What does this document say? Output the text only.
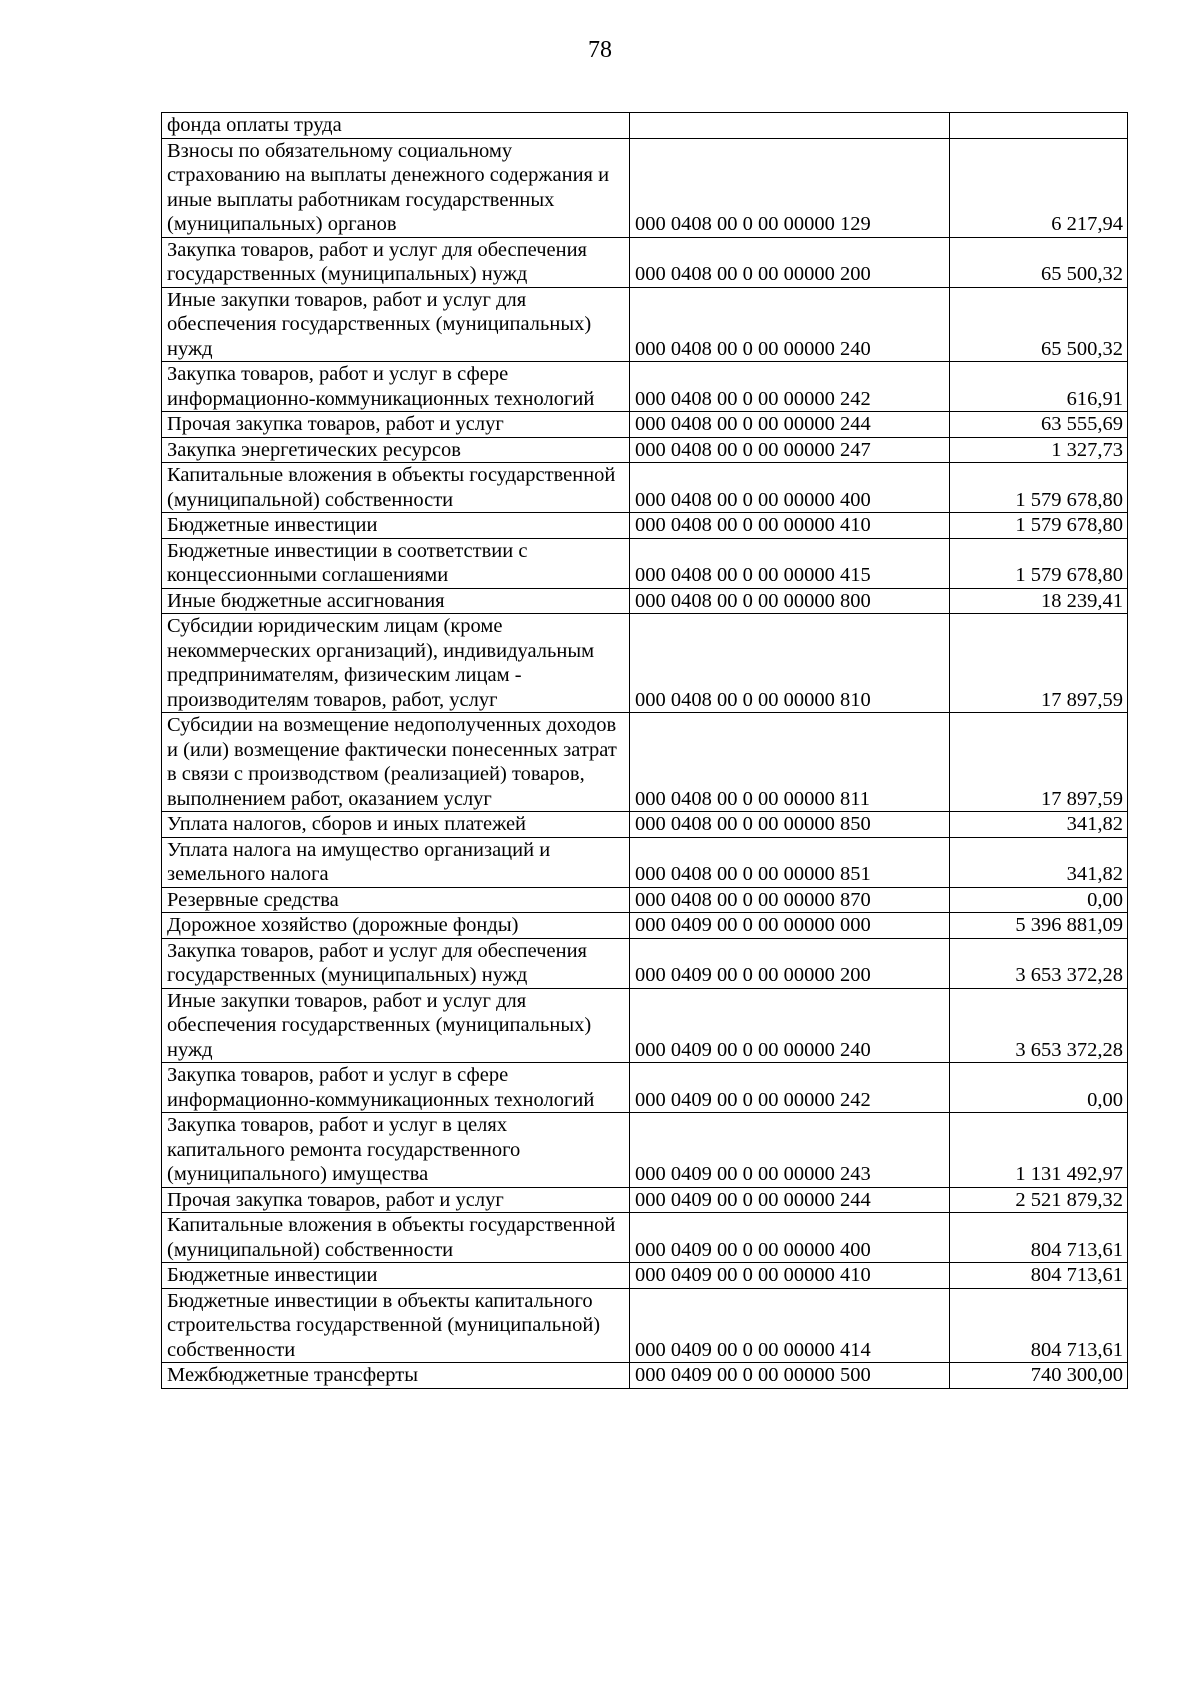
78
фонда оплаты труда		
Взносы по обязательному социальному страхованию на выплаты денежного содержания и иные выплаты работникам государственных (муниципальных) органов	000 0408 00 0 00 00000 129	6 217,94
Закупка товаров, работ и услуг для обеспечения государственных (муниципальных) нужд	000 0408 00 0 00 00000 200	65 500,32
Иные закупки товаров, работ и услуг для обеспечения государственных (муниципальных) нужд	000 0408 00 0 00 00000 240	65 500,32
Закупка товаров, работ и услуг в сфере информационно-коммуникационных технологий	000 0408 00 0 00 00000 242	616,91
Прочая закупка товаров, работ и услуг	000 0408 00 0 00 00000 244	63 555,69
Закупка энергетических ресурсов	000 0408 00 0 00 00000 247	1 327,73
Капитальные вложения в объекты государственной (муниципальной) собственности	000 0408 00 0 00 00000 400	1 579 678,80
Бюджетные инвестиции	000 0408 00 0 00 00000 410	1 579 678,80
Бюджетные инвестиции в соответствии с концессионными соглашениями	000 0408 00 0 00 00000 415	1 579 678,80
Иные бюджетные ассигнования	000 0408 00 0 00 00000 800	18 239,41
Субсидии юридическим лицам (кроме некоммерческих организаций), индивидуальным предпринимателям, физическим лицам - производителям товаров, работ, услуг	000 0408 00 0 00 00000 810	17 897,59
Субсидии на возмещение недополученных доходов и (или) возмещение фактически понесенных затрат в связи с производством (реализацией) товаров, выполнением работ, оказанием услуг	000 0408 00 0 00 00000 811	17 897,59
Уплата налогов, сборов и иных платежей	000 0408 00 0 00 00000 850	341,82
Уплата налога на имущество организаций и земельного налога	000 0408 00 0 00 00000 851	341,82
Резервные средства	000 0408 00 0 00 00000 870	0,00
Дорожное хозяйство (дорожные фонды)	000 0409 00 0 00 00000 000	5 396 881,09
Закупка товаров, работ и услуг для обеспечения государственных (муниципальных) нужд	000 0409 00 0 00 00000 200	3 653 372,28
Иные закупки товаров, работ и услуг для обеспечения государственных (муниципальных) нужд	000 0409 00 0 00 00000 240	3 653 372,28
Закупка товаров, работ и услуг в сфере информационно-коммуникационных технологий	000 0409 00 0 00 00000 242	0,00
Закупка товаров, работ и услуг в целях капитального ремонта государственного (муниципального) имущества	000 0409 00 0 00 00000 243	1 131 492,97
Прочая закупка товаров, работ и услуг	000 0409 00 0 00 00000 244	2 521 879,32
Капитальные вложения в объекты государственной (муниципальной) собственности	000 0409 00 0 00 00000 400	804 713,61
Бюджетные инвестиции	000 0409 00 0 00 00000 410	804 713,61
Бюджетные инвестиции в объекты капитального строительства государственной (муниципальной) собственности	000 0409 00 0 00 00000 414	804 713,61
Межбюджетные трансферты	000 0409 00 0 00 00000 500	740 300,00
